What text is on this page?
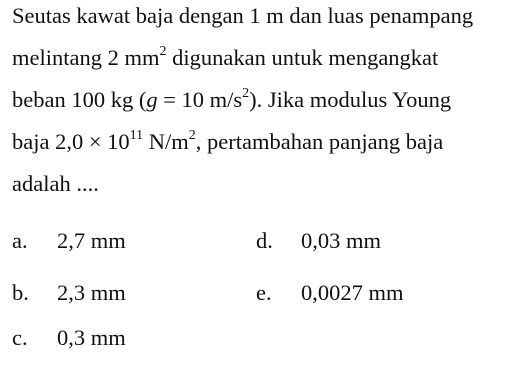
Seutas kawat baja dengan 1 m dan luas penampang
melintang 2 $mm^2$ digunakan untuk mengangkat
beban 100 kg (g = 10 $m/s^2$). Jika modulus Young
baja $2,0 \times 10^{11}$ $N/m^2$, pertambahan panjang baja
adalah ....
a. 2,7 mm
b. 2,3 mm
c. 0,3 mm
d. 0,03 mm
e. 0,0027 mm
